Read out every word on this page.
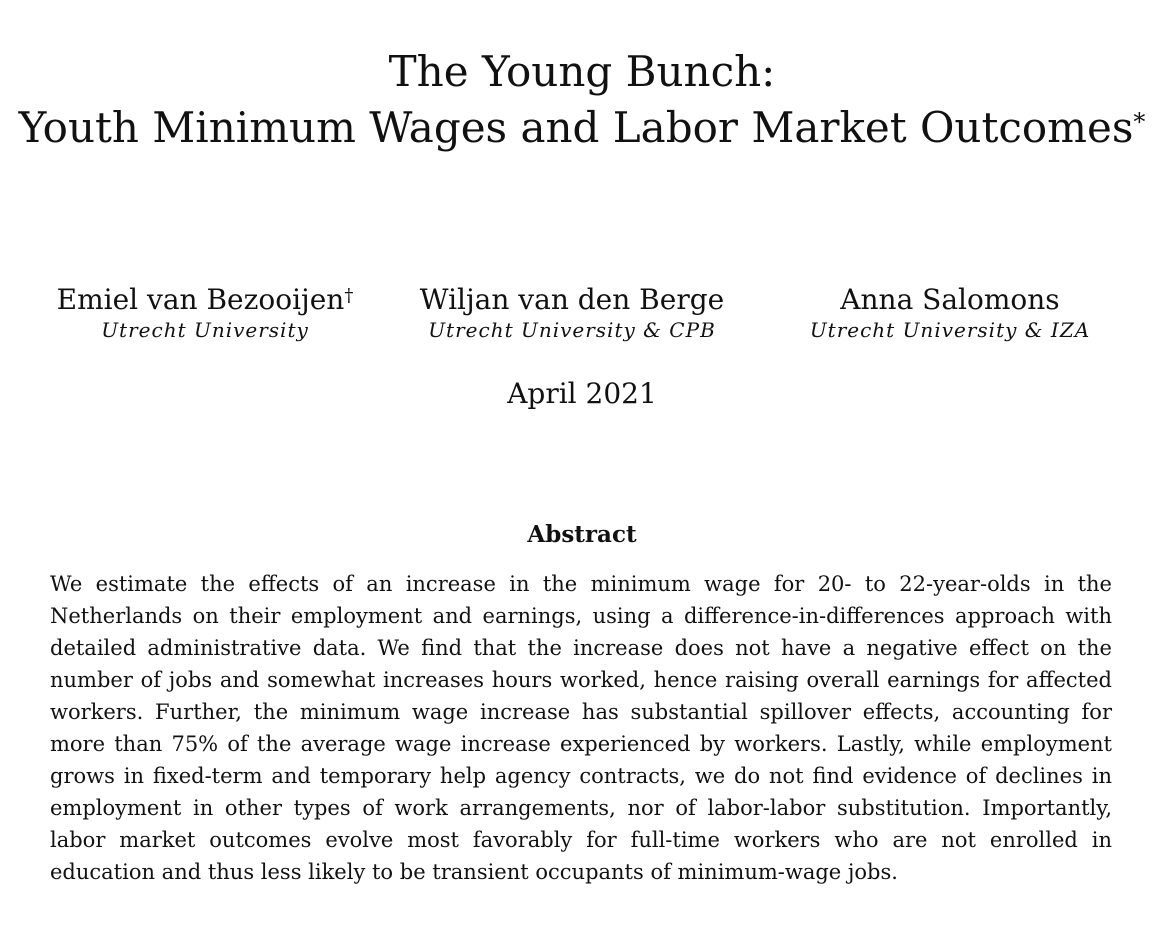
The Young Bunch:
Youth Minimum Wages and Labor Market Outcomes*
Emiel van Bezooijen†
Utrecht University
Wiljan van den Berge
Utrecht University & CPB
Anna Salomons
Utrecht University & IZA
April 2021
Abstract

We estimate the effects of an increase in the minimum wage for 20- to 22-year-olds in the Netherlands on their employment and earnings, using a difference-in-differences approach with detailed administrative data. We find that the increase does not have a negative effect on the number of jobs and somewhat increases hours worked, hence raising overall earnings for affected workers. Further, the minimum wage increase has substantial spillover effects, accounting for more than 75% of the average wage increase experienced by workers. Lastly, while employment grows in fixed-term and temporary help agency contracts, we do not find evidence of declines in employment in other types of work arrangements, nor of labor-labor substitution. Importantly, labor market outcomes evolve most favorably for full-time workers who are not enrolled in education and thus less likely to be transient occupants of minimum-wage jobs.
